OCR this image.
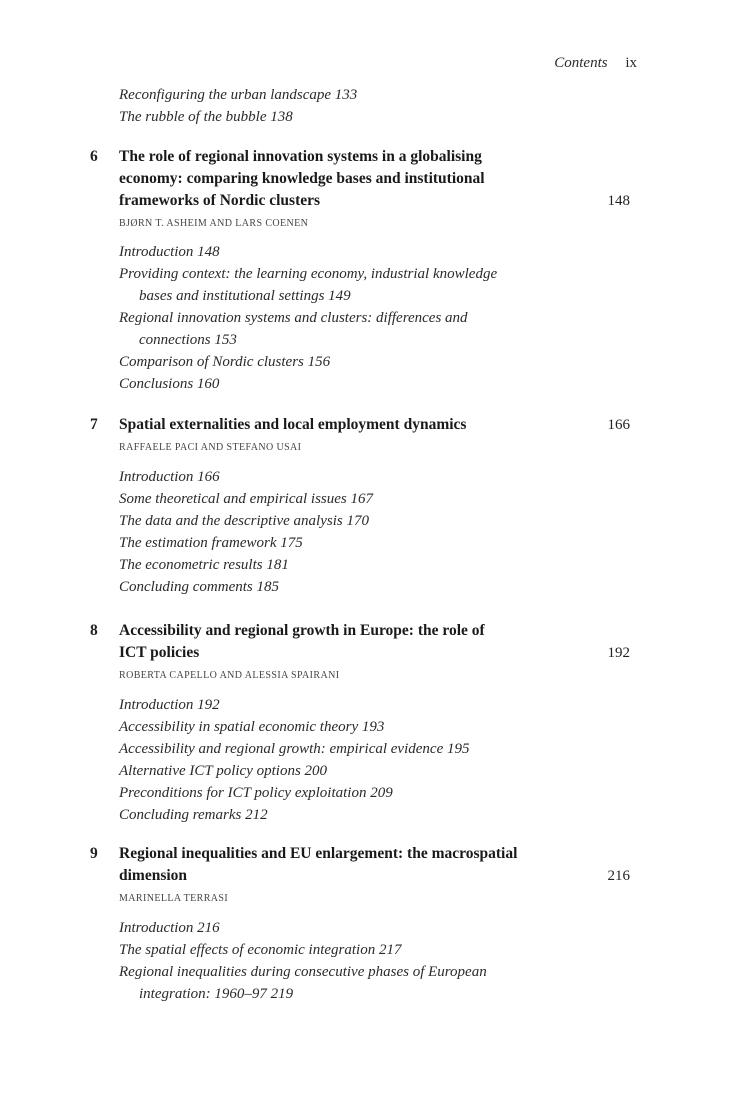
Contents ix
Reconfiguring the urban landscape 133
The rubble of the bubble 138
6 The role of regional innovation systems in a globalising
economy: comparing knowledge bases and institutional
frameworks of Nordic clusters	148
BJØRN T. ASHEIM AND LARS COENEN
Introduction 148
Providing context: the learning economy, industrial knowledge
bases and institutional settings 149
Regional innovation systems and clusters: differences and
connections 153
Comparison of Nordic clusters 156
Conclusions 160
7 Spatial externalities and local employment dynamics	166
RAFFAELE PACI AND STEFANO USAI
Introduction 166
Some theoretical and empirical issues 167
The data and the descriptive analysis 170
The estimation framework 175
The econometric results 181
Concluding comments 185
8 Accessibility and regional growth in Europe: the role of
ICT policies	192
ROBERTA CAPELLO AND ALESSIA SPAIRANI
Introduction 192
Accessibility in spatial economic theory 193
Accessibility and regional growth: empirical evidence 195
Alternative ICT policy options 200
Preconditions for ICT policy exploitation 209
Concluding remarks 212
9 Regional inequalities and EU enlargement: the macrospatial
dimension	216
MARINELLA TERRASI
Introduction 216
The spatial effects of economic integration 217
Regional inequalities during consecutive phases of European
integration: 1960–97 219
